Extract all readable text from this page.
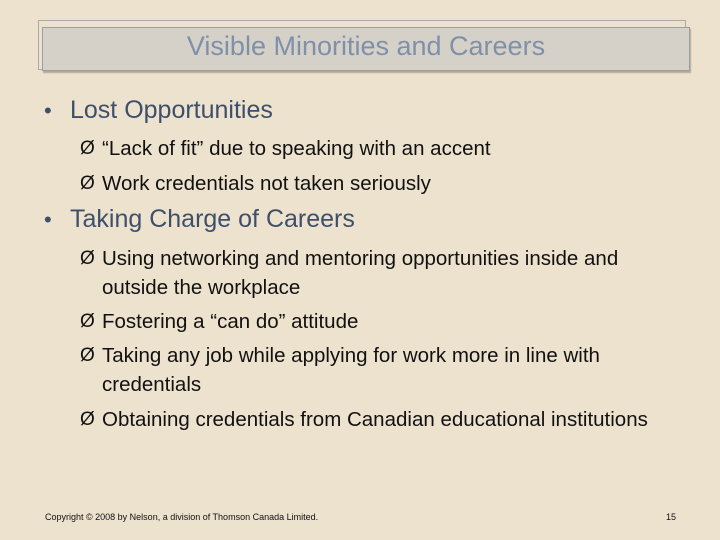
Visible Minorities and Careers
• Lost Opportunities
Ø “Lack of fit” due to speaking with an accent
Ø Work credentials not taken seriously
• Taking Charge of Careers
Ø Using networking and mentoring opportunities inside and outside the workplace
Ø Fostering a “can do” attitude
Ø Taking any job while applying for work more in line with credentials
Ø Obtaining credentials from Canadian educational institutions
Copyright © 2008 by Nelson, a division of Thomson Canada Limited.	15
